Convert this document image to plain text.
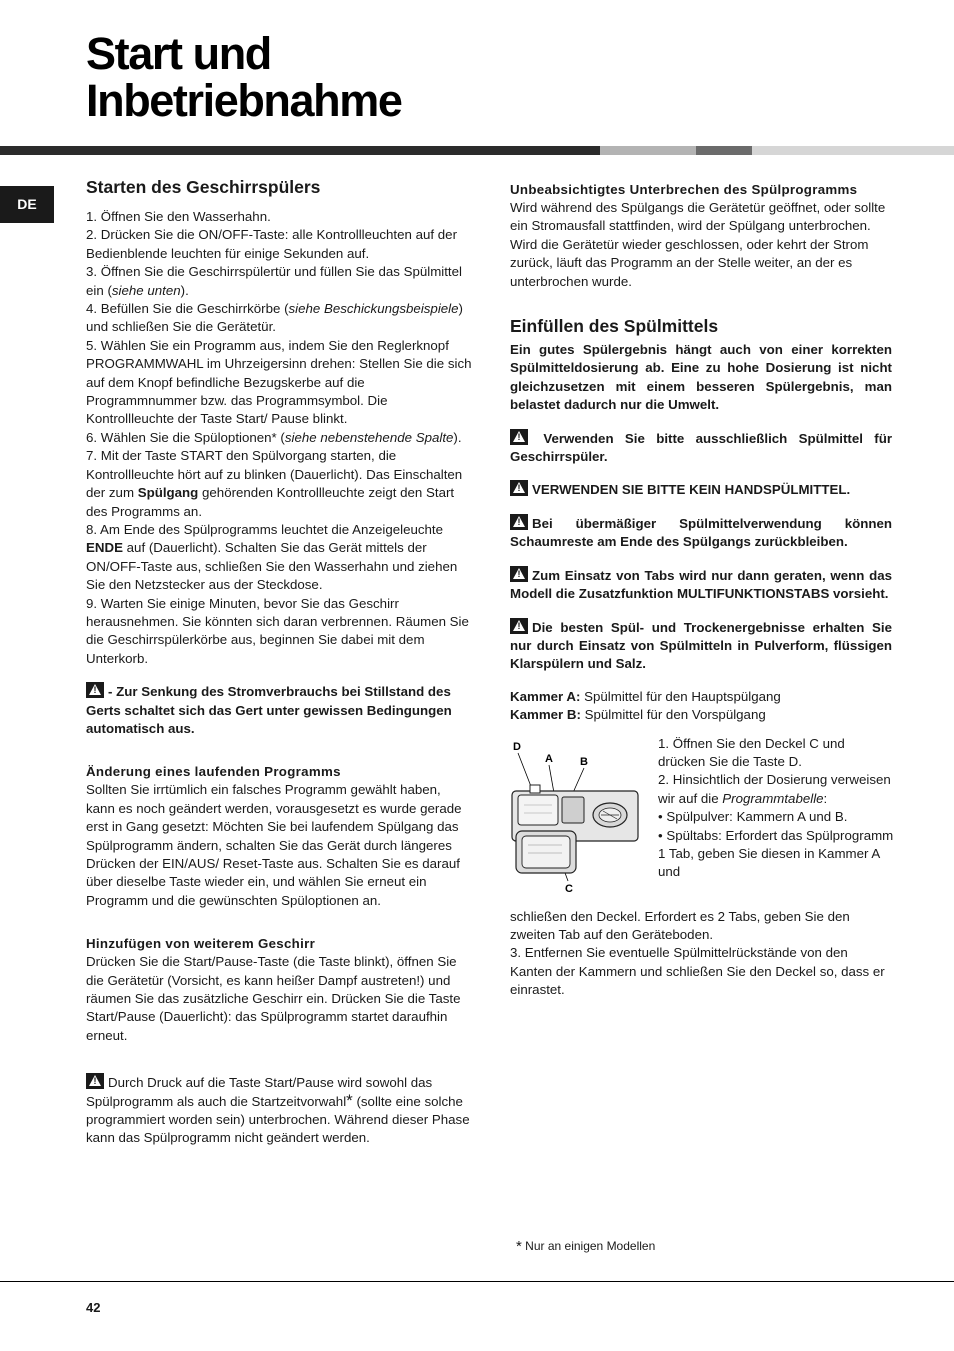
Start und
Inbetriebnahme
DE
Starten des Geschirrspülers

1. Öffnen Sie den Wasserhahn.

2. Drücken Sie die ON/OFF-Taste: alle Kontrollleuchten auf der Bedienblende leuchten für einige Sekunden auf.

3. Öffnen Sie die Geschirrspülertür und füllen Sie das Spülmittel ein (siehe unten).

4. Befüllen Sie die Geschirrkörbe (siehe Beschickungsbeispiele) und schließen Sie die Gerätetür.

5. Wählen Sie ein Programm aus, indem Sie den Reglerknopf PROGRAMMWAHL im Uhrzeigersinn drehen: Stellen Sie die sich auf dem Knopf befindliche Bezugskerbe auf die Programmnummer bzw. das Programmsymbol. Die Kontrollleuchte der Taste Start/ Pause blinkt.

6. Wählen Sie die Spüloptionen* (siehe nebenstehende Spalte).

7. Mit der Taste START den Spülvorgang starten, die Kontrollleuchte hört auf zu blinken (Dauerlicht). Das Einschalten der zum Spülgang gehörenden Kontrollleuchte zeigt den Start des Programms an.

8. Am Ende des Spülprogramms leuchtet die Anzeigeleuchte ENDE auf (Dauerlicht). Schalten Sie das Gerät mittels der ON/OFF-Taste aus, schließen Sie den Wasserhahn und ziehen Sie den Netzstecker aus der Steckdose.

9. Warten Sie einige Minuten, bevor Sie das Geschirr herausnehmen. Sie könnten sich daran verbrennen. Räumen Sie die Geschirrspülerkörbe aus, beginnen Sie dabei mit dem Unterkorb.

!- Zur Senkung des Stromverbrauchs bei Stillstand des Gerts schaltet sich das Gert unter gewissen Bedingungen automatisch aus.

Änderung eines laufenden Programms

Sollten Sie irrtümlich ein falsches Programm gewählt haben, kann es noch geändert werden, vorausgesetzt es wurde gerade erst in Gang gesetzt: Möchten Sie bei laufendem Spülgang das Spülprogramm ändern, schalten Sie das Gerät durch längeres Drücken der EIN/AUS/ Reset-Taste aus. Schalten Sie es darauf über dieselbe Taste wieder ein, und wählen Sie erneut ein Programm und die gewünschten Spüloptionen an.

Hinzufügen von weiterem Geschirr

Drücken Sie die Start/Pause-Taste (die Taste blinkt), öffnen Sie die Gerätetür (Vorsicht, es kann heißer Dampf austreten!) und räumen Sie das zusätzliche Geschirr ein. Drücken Sie die Taste Start/Pause (Dauerlicht): das Spülprogramm startet daraufhin erneut.

!Durch Druck auf die Taste Start/Pause wird sowohl das Spülprogramm als auch die Startzeitvorwahl* (sollte eine solche programmiert worden sein) unterbrochen. Während dieser Phase kann das Spülprogramm nicht geändert werden.

Unbeabsichtigtes Unterbrechen des Spülprogramms

Wird während des Spülgangs die Gerätetür geöffnet, oder sollte ein Stromausfall stattfinden, wird der Spülgang unterbrochen. Wird die Gerätetür wieder geschlossen, oder kehrt der Strom zurück, läuft das Programm an der Stelle weiter, an der es unterbrochen wurde.

Einfüllen des Spülmittels

Ein gutes Spülergebnis hängt auch von einer korrekten Spülmitteldosierung ab. Eine zu hohe Dosierung ist nicht gleichzusetzen mit einem besseren Spülergebnis, man belastet dadurch nur die Umwelt.

! Verwenden Sie bitte ausschließlich Spülmittel für Geschirrspüler.

!VERWENDEN SIE BITTE KEIN HANDSPÜLMITTEL.

!Bei übermäßiger Spülmittelverwendung können Schaumreste am Ende des Spülgangs zurückbleiben.

!Zum Einsatz von Tabs wird nur dann geraten, wenn das Modell die Zusatzfunktion MULTIFUNKTIONSTABS vorsieht.

!Die besten Spül- und Trockenergebnisse erhalten Sie nur durch Einsatz von Spülmitteln in Pulverform, flüssigen Klarspülern und Salz.

Kammer A: Spülmittel für den Hauptspülgang

Kammer B: Spülmittel für den Vorspülgang

D
A B
C

1. Öffnen Sie den Deckel C und drücken Sie die Taste D.

2. Hinsichtlich der Dosierung verweisen wir auf die Programmtabelle:

• Spülpulver: Kammern A und B.

• Spültabs: Erfordert das Spülprogramm 1 Tab, geben Sie diesen in Kammer A und

schließen den Deckel. Erfordert es 2 Tabs, geben Sie den zweiten Tab auf den Geräteboden.

3. Entfernen Sie eventuelle Spülmittelrückstände von den Kanten der Kammern und schließen Sie den Deckel so, dass er einrastet.

* Nur an einigen Modellen
42
